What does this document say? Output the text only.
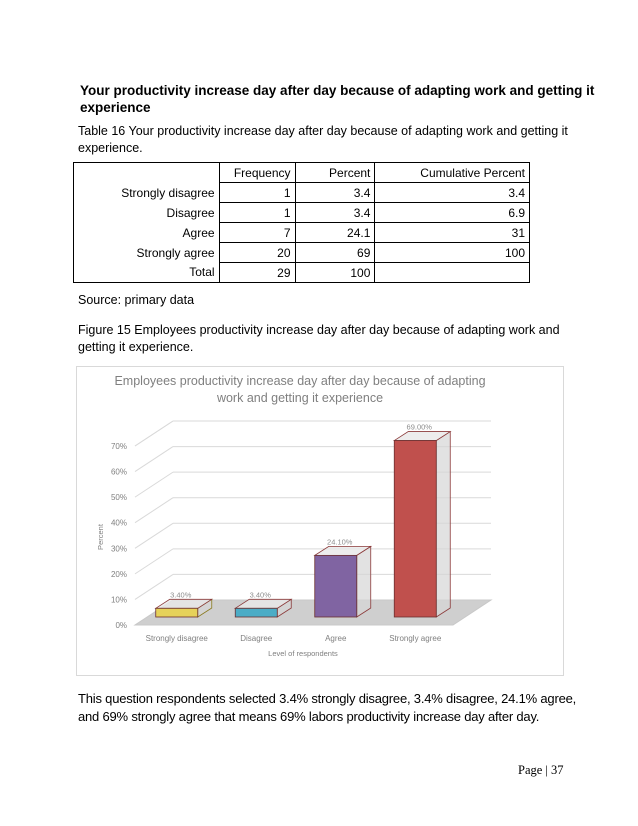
Your productivity increase day after day because of adapting work and getting it experience
Table 16 Your productivity increase day after day because of adapting work and getting it experience.
	Frequency	Percent	Cumulative Percent
Strongly disagree	1	3.4	3.4
Disagree	1	3.4	6.9
Agree	7	24.1	31
Strongly agree	20	69	100
Total	29	100	
Source: primary data
Figure 15 Employees productivity increase day after day because of adapting work and getting it experience.
Employees productivity increase day after day because of adapting work and getting it experience
0%
10%
20%
30%
40%
50%
60%
70%
3.40%
Strongly disagree
3.40%
Disagree
24.10%
Agree
69.00%
Strongly agree
Level of respondents
Percent
This question respondents selected 3.4% strongly disagree, 3.4% disagree, 24.1% agree, and 69% strongly agree that means 69% labors productivity increase day after day.
Page | 37
